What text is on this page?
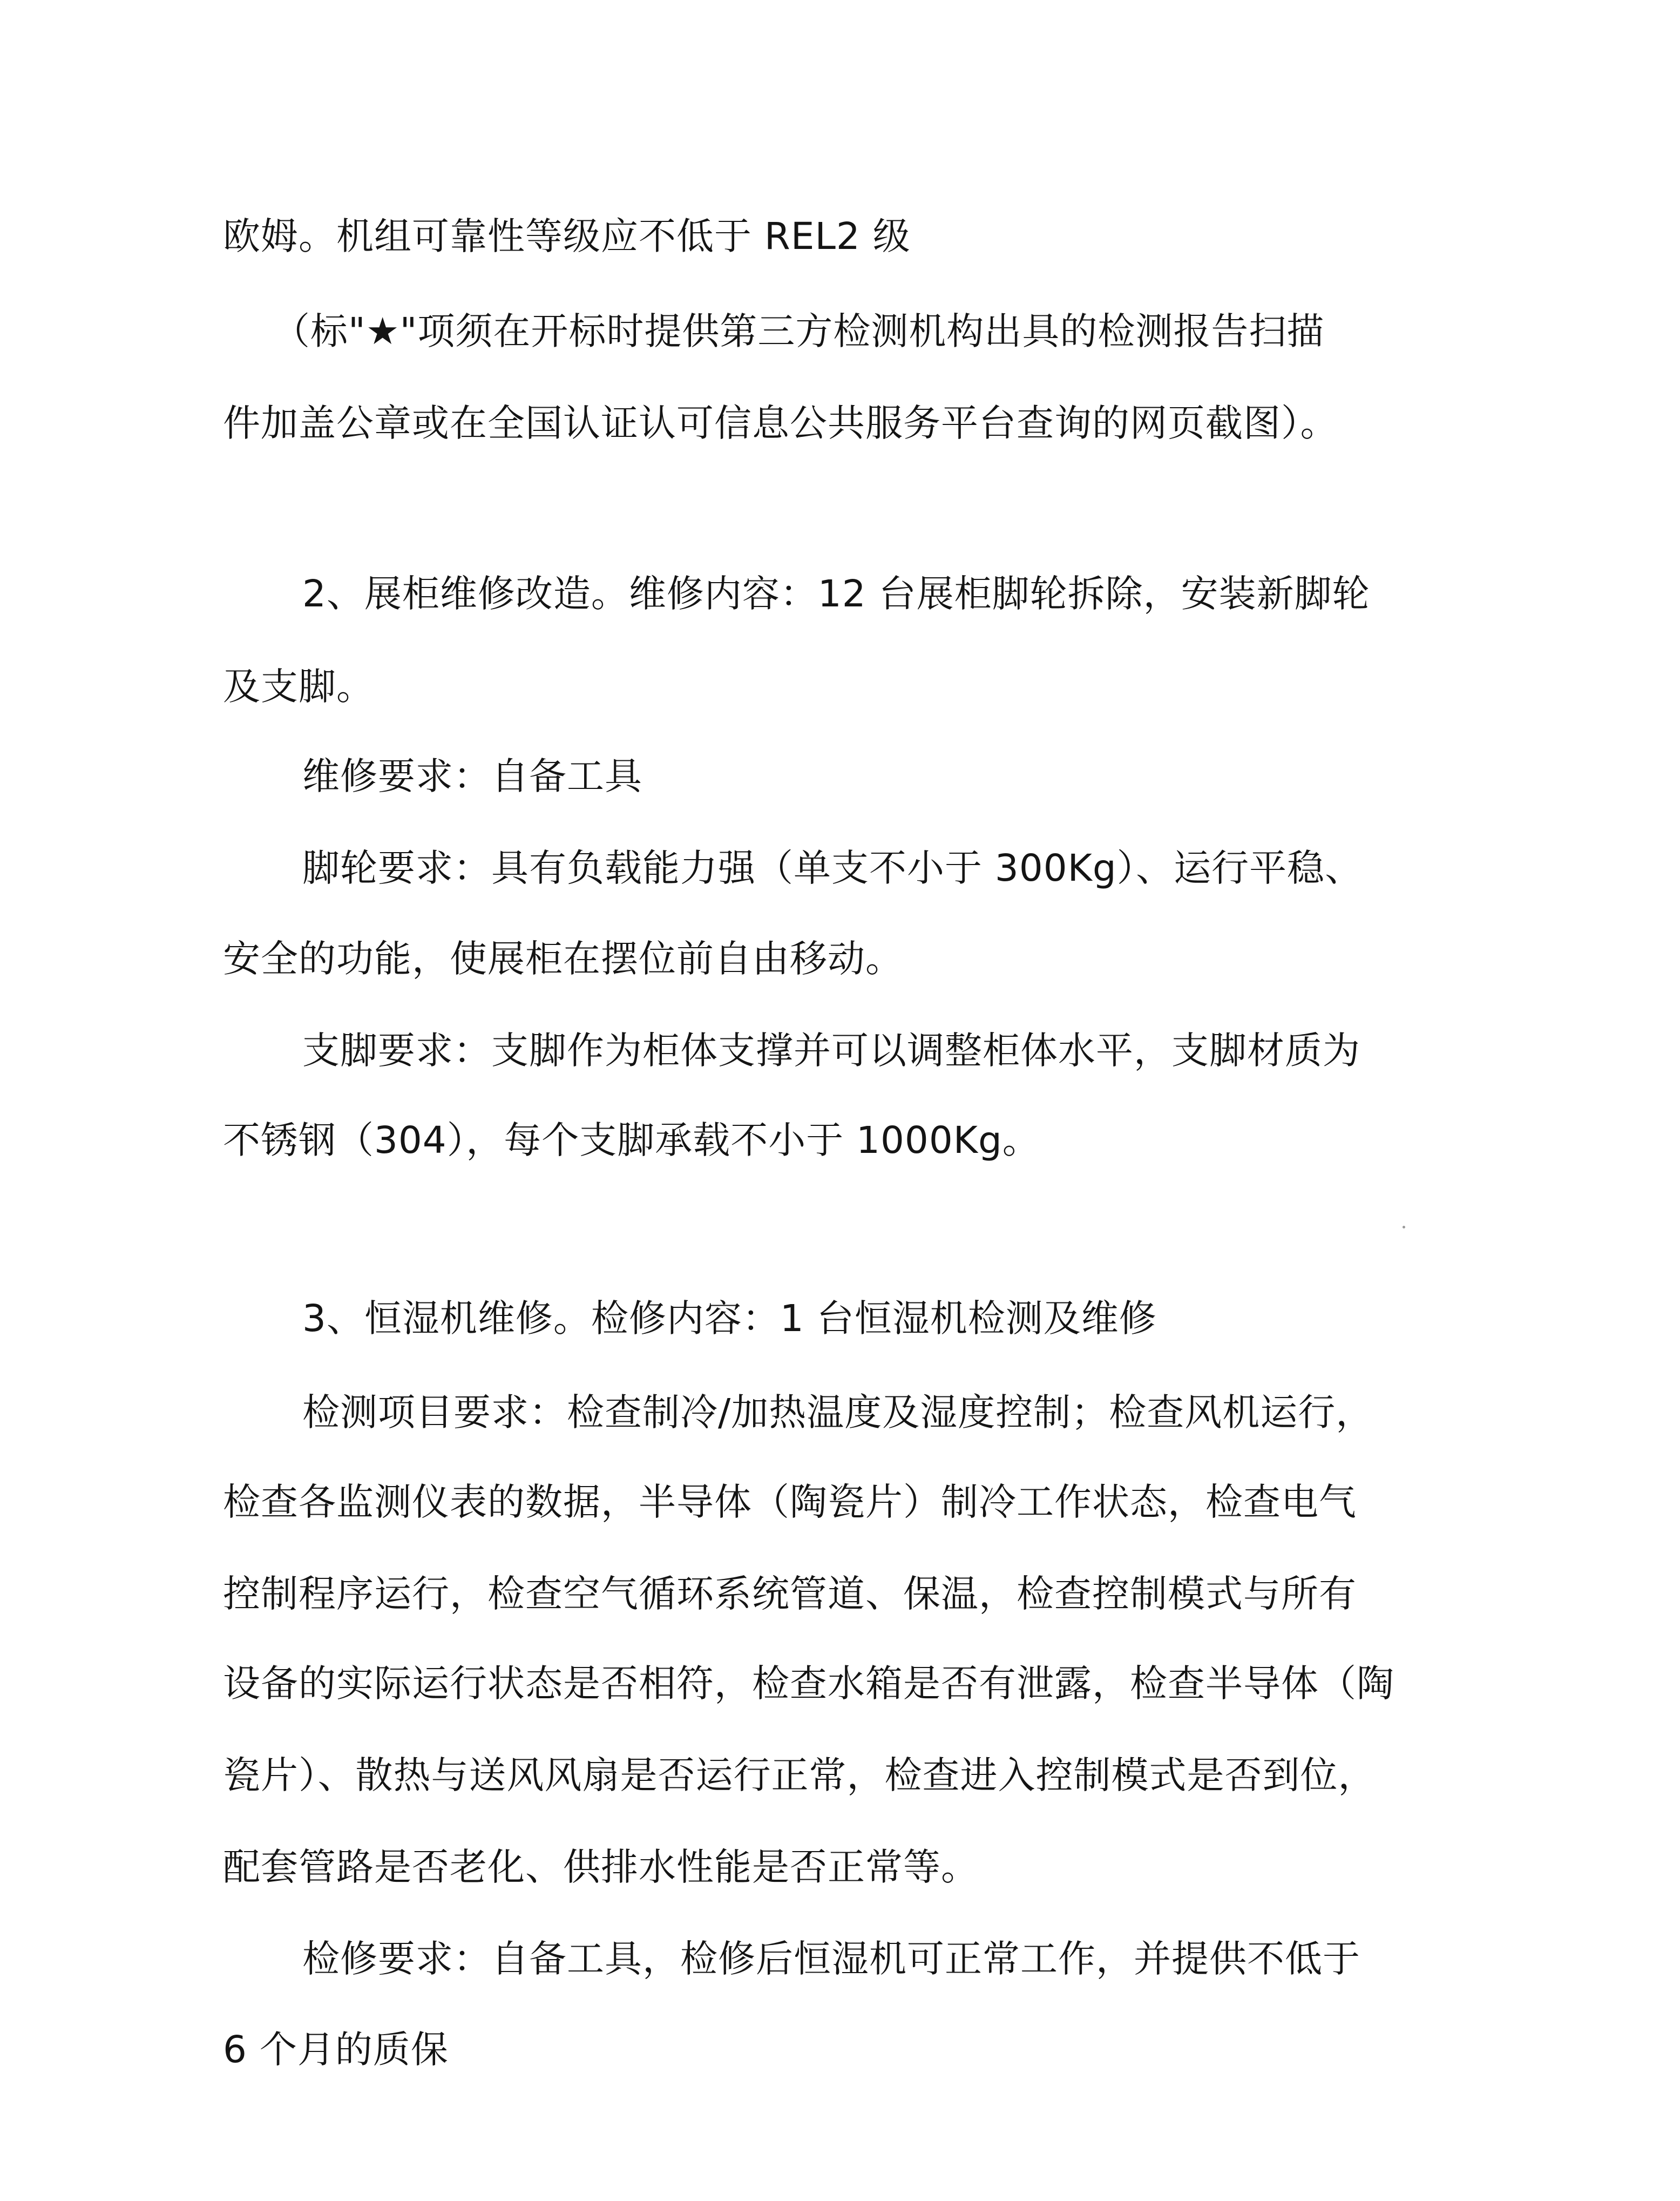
欧姆。机组可靠性等级应不低于 REL2 级
（标"★"项须在开标时提供第三方检测机构出具的检测报告扫描
件加盖公章或在全国认证认可信息公共服务平台查询的网页截图）。
2、展柜维修改造。维修内容：12 台展柜脚轮拆除，安装新脚轮
及支脚。
维修要求：自备工具
脚轮要求：具有负载能力强（单支不小于 300Kg）、运行平稳、
安全的功能，使展柜在摆位前自由移动。
支脚要求：支脚作为柜体支撑并可以调整柜体水平，支脚材质为
不锈钢（304），每个支脚承载不小于 1000Kg。
3、恒湿机维修。检修内容：1 台恒湿机检测及维修
检测项目要求：检查制冷/加热温度及湿度控制；检查风机运行，
检查各监测仪表的数据，半导体（陶瓷片）制冷工作状态，检查电气
控制程序运行，检查空气循环系统管道、保温，检查控制模式与所有
设备的实际运行状态是否相符，检查水箱是否有泄露，检查半导体（陶
瓷片）、散热与送风风扇是否运行正常，检查进入控制模式是否到位，
配套管路是否老化、供排水性能是否正常等。
检修要求：自备工具，检修后恒湿机可正常工作，并提供不低于
6 个月的质保
